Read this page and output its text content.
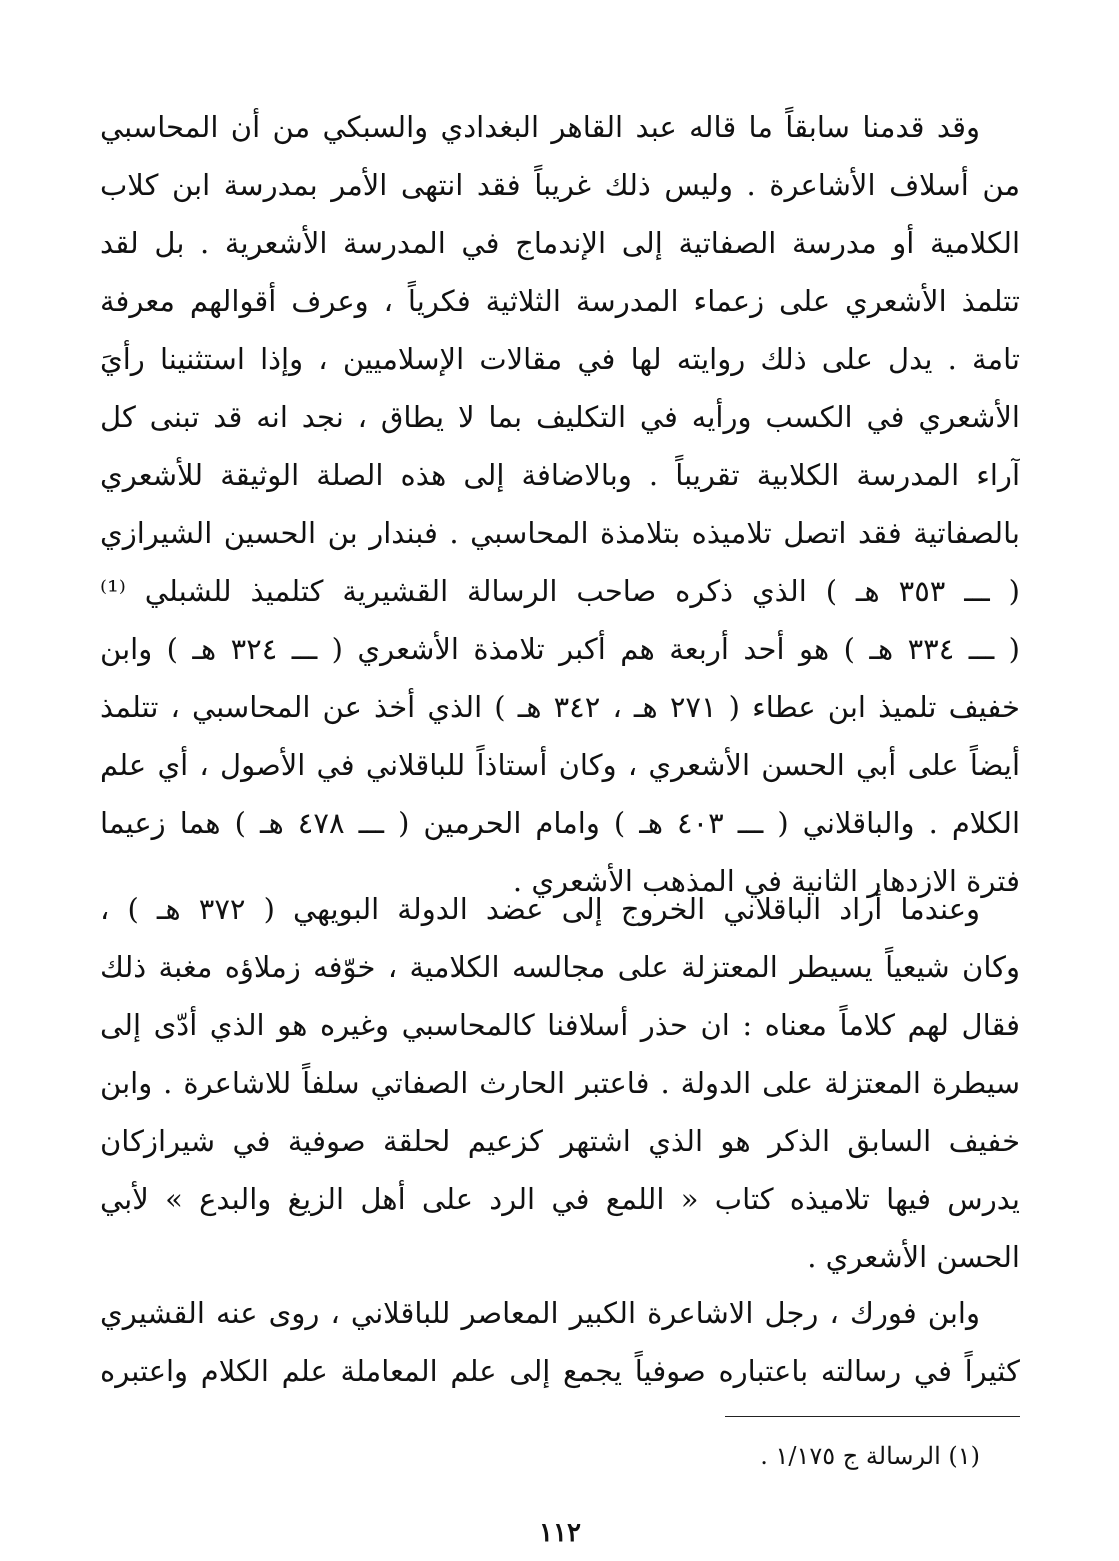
وقد قدمنا سابقاً ما قاله عبد القاهر البغدادي والسبكي من أن المحاسبي
من أسلاف الأشاعرة . وليس ذلك غريباً فقد انتهى الأمر بمدرسة ابن كلاب
الكلامية أو مدرسة الصفاتية إلى الإندماج في المدرسة الأشعرية . بل لقد
تتلمذ الأشعري على زعماء المدرسة الثلاثية فكرياً ، وعرف أقوالهم معرفة
تامة . يدل على ذلك روايته لها في مقالات الإسلاميين ، وإذا استثنينا رأيَ
الأشعري في الكسب ورأيه في التكليف بما لا يطاق ، نجد انه قد تبنى كل
آراء المدرسة الكلابية تقريباً . وبالاضافة إلى هذه الصلة الوثيقة للأشعري
بالصفاتية فقد اتصل تلاميذه بتلامذة المحاسبي . فبندار بن الحسين الشيرازي
( ـــ ٣٥٣ هـ ) الذي ذكره صاحب الرسالة القشيرية كتلميذ للشبلي ⁽¹⁾
( ـــ ٣٣٤ هـ ) هو أحد أربعة هم أكبر تلامذة الأشعري ( ـــ ٣٢٤ هـ ) وابن
خفيف تلميذ ابن عطاء ( ٢٧١ هـ ، ٣٤٢ هـ ) الذي أخذ عن المحاسبي ، تتلمذ
أيضاً على أبي الحسن الأشعري ، وكان أستاذاً للباقلاني في الأصول ، أي علم
الكلام . والباقلاني ( ـــ ٤٠٣ هـ ) وامام الحرمين ( ـــ ٤٧٨ هـ ) هما زعيما
فترة الازدهار الثانية في المذهب الأشعري .
وعندما أراد الباقلاني الخروج إلى عضد الدولة البويهي ( ٣٧٢ هـ ) ،
وكان شيعياً يسيطر المعتزلة على مجالسه الكلامية ، خوّفه زملاؤه مغبة ذلك
فقال لهم كلاماً معناه : ان حذر أسلافنا كالمحاسبي وغيره هو الذي أدّى إلى
سيطرة المعتزلة على الدولة . فاعتبر الحارث الصفاتي سلفاً للاشاعرة . وابن
خفيف السابق الذكر هو الذي اشتهر كزعيم لحلقة صوفية في شيرازكان
يدرس فيها تلاميذه كتاب « اللمع في الرد على أهل الزيغ والبدع » لأبي
الحسن الأشعري .
وابن فورك ، رجل الاشاعرة الكبير المعاصر للباقلاني ، روى عنه القشيري
كثيراً في رسالته باعتباره صوفياً يجمع إلى علم المعاملة علم الكلام واعتبره
(١) الرسالة ج ١/١٧٥ .
١١٢
